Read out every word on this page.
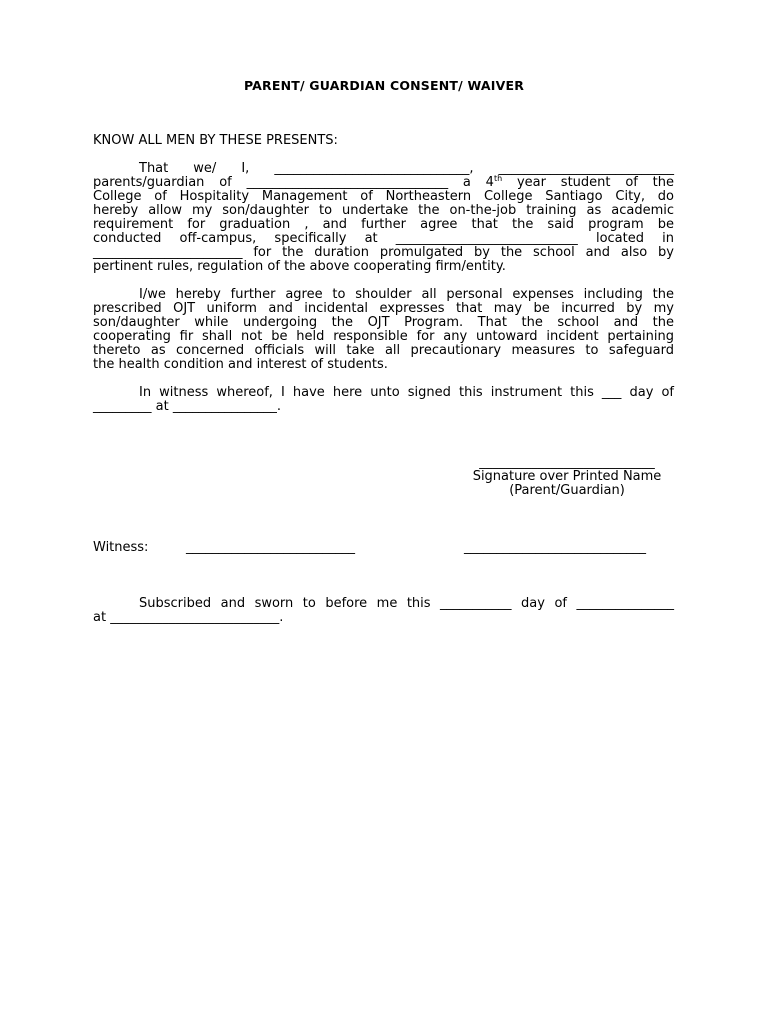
PARENT/ GUARDIAN CONSENT/ WAIVER
KNOW ALL MEN BY THESE PRESENTS:
That we/ I, ______________________________, ___________________________
parents/guardian of _______________________________ a 4th year student of the
College of Hospitality Management of Northeastern College Santiago City, do
hereby allow my son/daughter to undertake the on-the-job training as academic
requirement for graduation , and further agree that the said program be
conducted off-campus, specifically at ____________________________ located in
_______________________ for the duration promulgated by the school and also by
pertinent rules, regulation of the above cooperating firm/entity.
I/we hereby further agree to shoulder all personal expenses including the
prescribed OJT uniform and incidental expresses that may be incurred by my
son/daughter while undergoing the OJT Program. That the school and the
cooperating fir shall not be held responsible for any untoward incident pertaining
thereto as concerned officials will take all precautionary measures to safeguard
the health condition and interest of students.
In witness whereof, I have here unto signed this instrument this ___ day of
_________ at ________________.
___________________________
Signature over Printed Name
(Parent/Guardian)
Witness:	__________________________	____________________________
Subscribed and sworn to before me this ___________ day of _______________
at __________________________.
